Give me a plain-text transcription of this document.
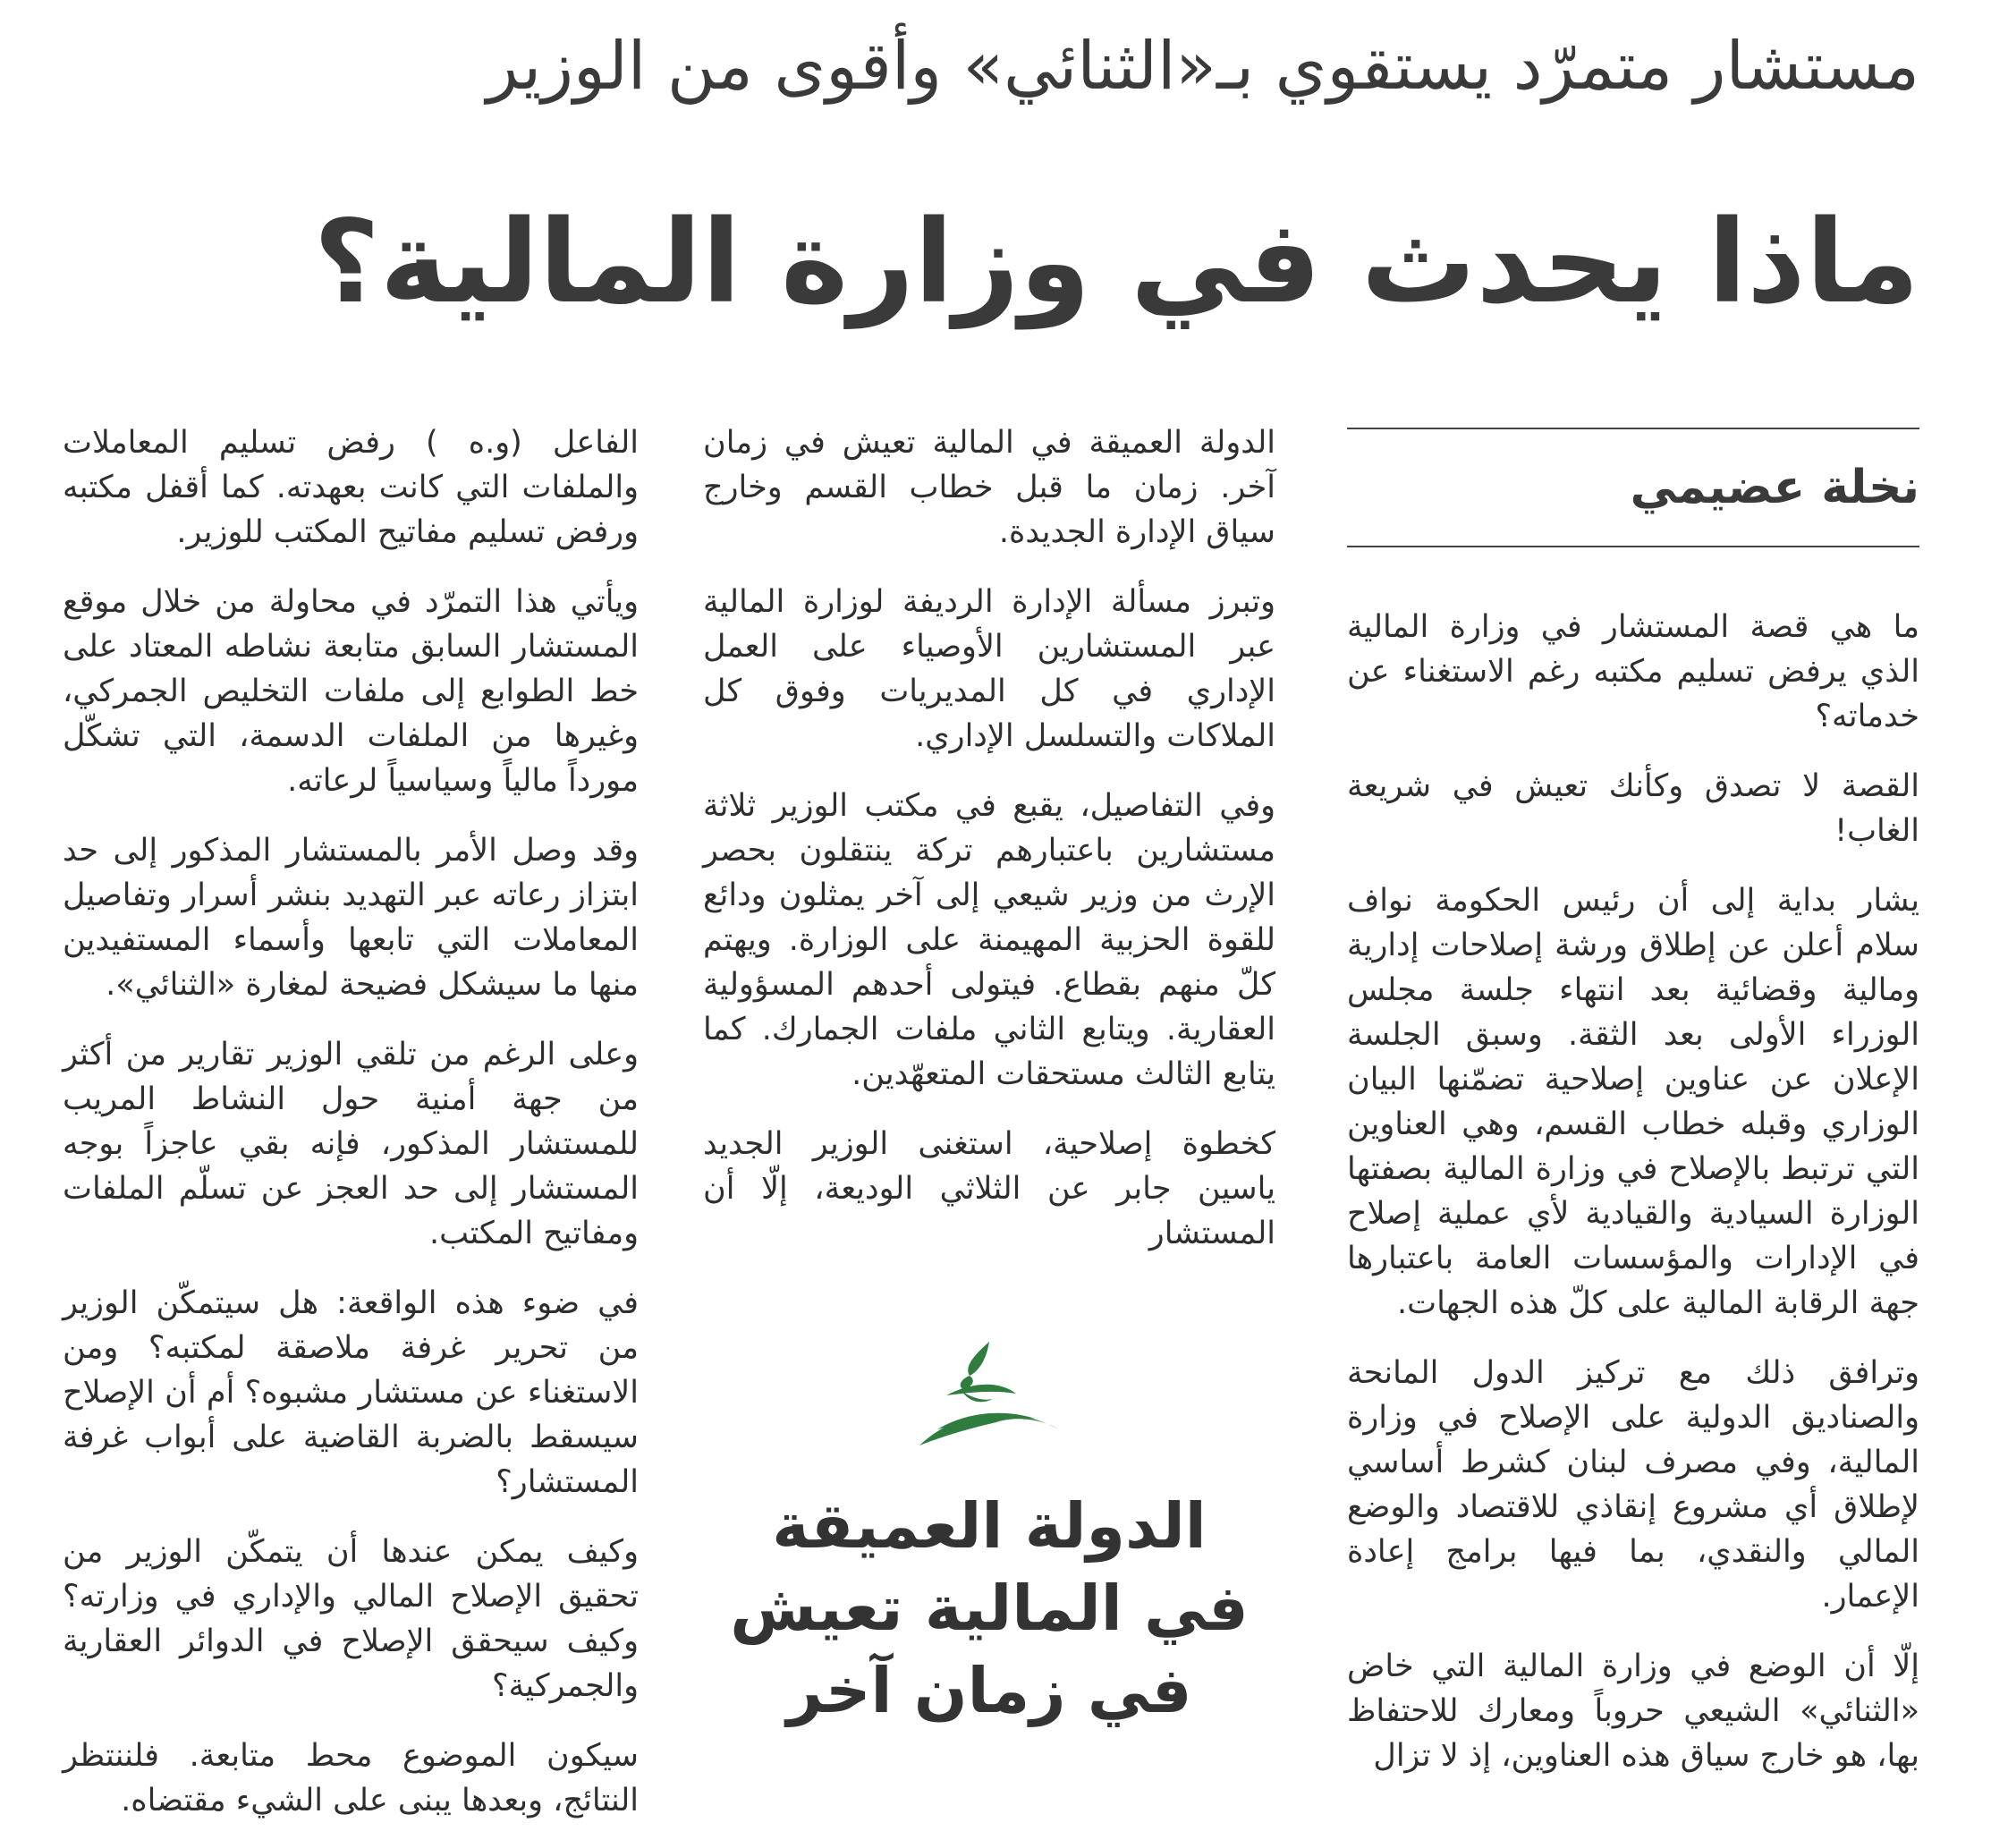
مستشار متمرّد يستقوي بـ«الثنائي» وأقوى من الوزير
ماذا يحدث في وزارة المالية؟
نخلة عضيمي

ما هي قصة المستشار في وزارة المالية الذي يرفض تسليم مكتبه رغم الاستغناء عن خدماته؟

القصة لا تصدق وكأنك تعيش في شريعة الغاب!

يشار بداية إلى أن رئيس الحكومة نواف سلام أعلن عن إطلاق ورشة إصلاحات إدارية ومالية وقضائية بعد انتهاء جلسة مجلس الوزراء الأولى بعد الثقة. وسبق الجلسة الإعلان عن عناوين إصلاحية تضمّنها البيان الوزاري وقبله خطاب القسم، وهي العناوين التي ترتبط بالإصلاح في وزارة المالية بصفتها الوزارة السيادية والقيادية لأي عملية إصلاح في الإدارات والمؤسسات العامة باعتبارها جهة الرقابة المالية على كلّ هذه الجهات.

وترافق ذلك مع تركيز الدول المانحة والصناديق الدولية على الإصلاح في وزارة المالية، وفي مصرف لبنان كشرط أساسي لإطلاق أي مشروع إنقاذي للاقتصاد والوضع المالي والنقدي، بما فيها برامج إعادة الإعمار.

إلّا أن الوضع في وزارة المالية التي خاض «الثنائي» الشيعي حروباً ومعارك للاحتفاظ بها، هو خارج سياق هذه العناوين، إذ لا تزال

الدولة العميقة في المالية تعيش في زمان آخر. زمان ما قبل خطاب القسم وخارج سياق الإدارة الجديدة.

وتبرز مسألة الإدارة الرديفة لوزارة المالية عبر المستشارين الأوصياء على العمل الإداري في كل المديريات وفوق كل الملاكات والتسلسل الإداري.

وفي التفاصيل، يقبع في مكتب الوزير ثلاثة مستشارين باعتبارهم تركة ينتقلون بحصر الإرث من وزير شيعي إلى آخر يمثلون ودائع للقوة الحزبية المهيمنة على الوزارة. ويهتم كلّ منهم بقطاع. فيتولى أحدهم المسؤولية العقارية. ويتابع الثاني ملفات الجمارك. كما يتابع الثالث مستحقات المتعهّدين.

كخطوة إصلاحية، استغنى الوزير الجديد ياسين جابر عن الثلاثي الوديعة، إلّا أن المستشار

الدولة العميقة
في المالية تعيش
في زمان آخر

الفاعل (و.ه ) رفض تسليم المعاملات والملفات التي كانت بعهدته. كما أقفل مكتبه ورفض تسليم مفاتيح المكتب للوزير.

ويأتي هذا التمرّد في محاولة من خلال موقع المستشار السابق متابعة نشاطه المعتاد على خط الطوابع إلى ملفات التخليص الجمركي، وغيرها من الملفات الدسمة، التي تشكّل مورداً مالياً وسياسياً لرعاته.

وقد وصل الأمر بالمستشار المذكور إلى حد ابتزاز رعاته عبر التهديد بنشر أسرار وتفاصيل المعاملات التي تابعها وأسماء المستفيدين منها ما سيشكل فضيحة لمغارة «الثنائي».

وعلى الرغم من تلقي الوزير تقارير من أكثر من جهة أمنية حول النشاط المريب للمستشار المذكور، فإنه بقي عاجزاً بوجه المستشار إلى حد العجز عن تسلّم الملفات ومفاتيح المكتب.

في ضوء هذه الواقعة: هل سيتمكّن الوزير من تحرير غرفة ملاصقة لمكتبه؟ ومن الاستغناء عن مستشار مشبوه؟ أم أن الإصلاح سيسقط بالضربة القاضية على أبواب غرفة المستشار؟

وكيف يمكن عندها أن يتمكّن الوزير من تحقيق الإصلاح المالي والإداري في وزارته؟ وكيف سيحقق الإصلاح في الدوائر العقارية والجمركية؟

سيكون الموضوع محط متابعة. فلننتظر النتائج، وبعدها يبنى على الشيء مقتضاه.
